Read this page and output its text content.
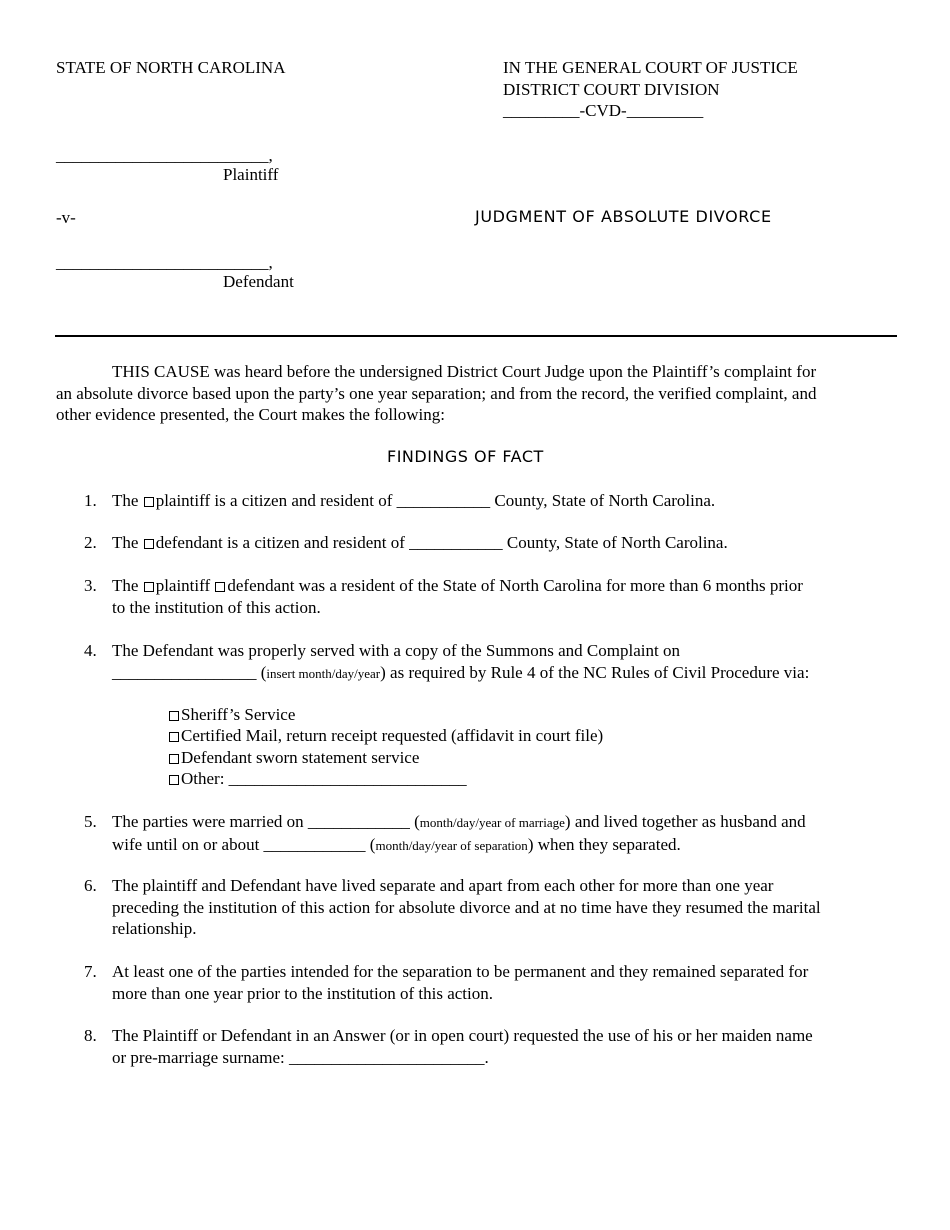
STATE OF NORTH CAROLINA	IN THE GENERAL COURT OF JUSTICE
DISTRICT COURT DIVISION
_________-CVD-_________
_________________________,
Plaintiff
-v-	JUDGMENT OF ABSOLUTE DIVORCE
_________________________,
Defendant
THIS CAUSE was heard before the undersigned District Court Judge upon the Plaintiff’s complaint for
an absolute divorce based upon the party’s one year separation; and from the record, the verified complaint, and
other evidence presented, the Court makes the following:
FINDINGS OF FACT
1. The plaintiff is a citizen and resident of ___________ County, State of North Carolina.
2. The defendant is a citizen and resident of ___________ County, State of North Carolina.
3. The plaintiff defendant was a resident of the State of North Carolina for more than 6 months prior
to the institution of this action.
4. The Defendant was properly served with a copy of the Summons and Complaint on
_________________ (insert month/day/year) as required by Rule 4 of the NC Rules of Civil Procedure via:
Sheriff’s Service
Certified Mail, return receipt requested (affidavit in court file)
Defendant sworn statement service
Other: ____________________________
5. The parties were married on ____________ (month/day/year of marriage) and lived together as husband and
wife until on or about ____________ (month/day/year of separation) when they separated.
6. The plaintiff and Defendant have lived separate and apart from each other for more than one year
preceding the institution of this action for absolute divorce and at no time have they resumed the marital
relationship.
7. At least one of the parties intended for the separation to be permanent and they remained separated for
more than one year prior to the institution of this action.
8. The Plaintiff or Defendant in an Answer (or in open court) requested the use of his or her maiden name
or pre-marriage surname: _______________________.
